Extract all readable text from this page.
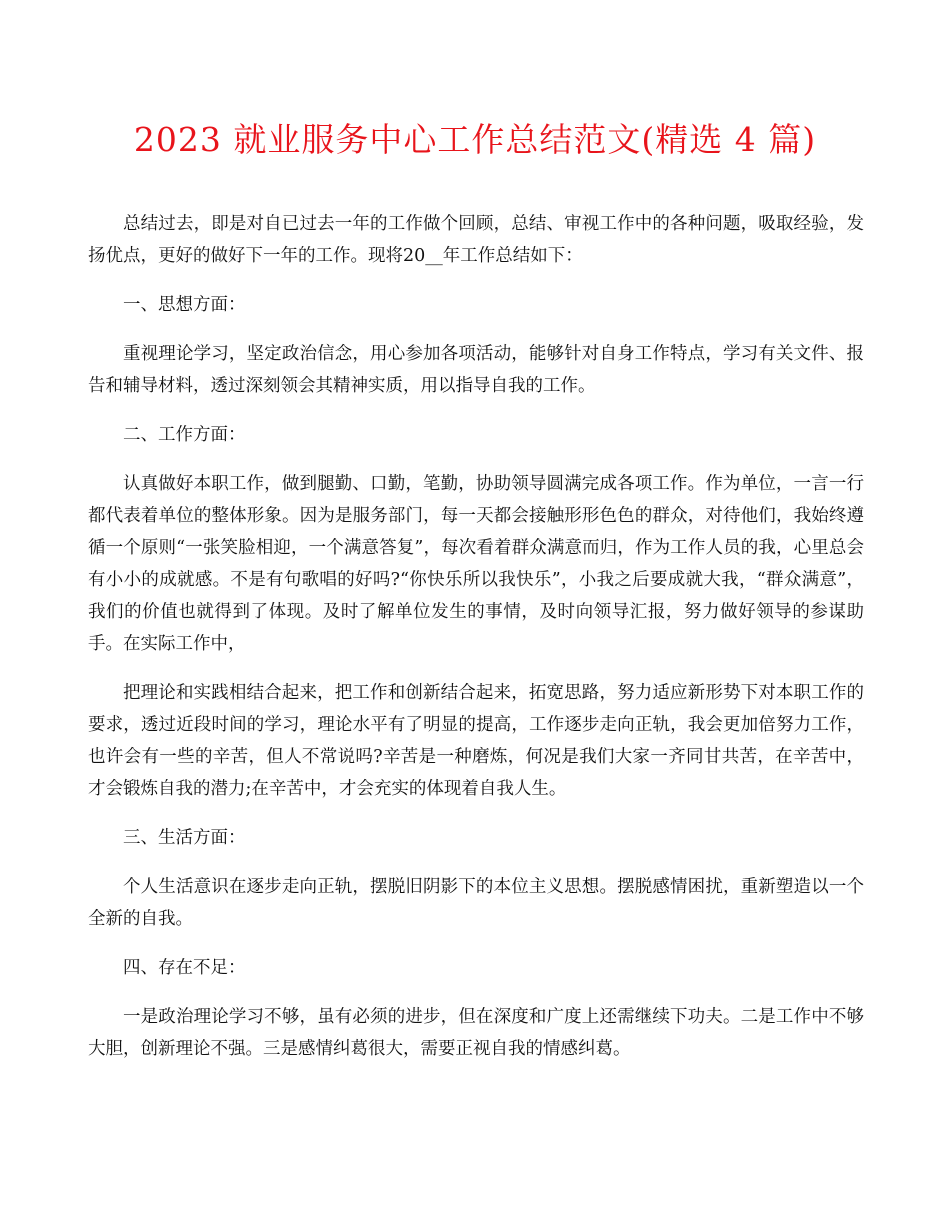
2023 就业服务中心工作总结范文(精选 4 篇)

总结过去，即是对自已过去一年的工作做个回顾，总结、审视工作中的各种问题，吸取经验，发扬优点，更好的做好下一年的工作。现将20__年工作总结如下：

一、思想方面：

重视理论学习，坚定政治信念，用心参加各项活动，能够针对自身工作特点，学习有关文件、报告和辅导材料，透过深刻领会其精神实质，用以指导自我的工作。

二、工作方面：

认真做好本职工作，做到腿勤、口勤，笔勤，协助领导圆满完成各项工作。作为单位，一言一行都代表着单位的整体形象。因为是服务部门，每一天都会接触形形色色的群众，对待他们，我始终遵循一个原则“一张笑脸相迎，一个满意答复”，每次看着群众满意而归，作为工作人员的我，心里总会有小小的成就感。不是有句歌唱的好吗?“你快乐所以我快乐”，小我之后要成就大我，“群众满意”，我们的价值也就得到了体现。及时了解单位发生的事情，及时向领导汇报，努力做好领导的参谋助手。在实际工作中，

把理论和实践相结合起来，把工作和创新结合起来，拓宽思路，努力适应新形势下对本职工作的要求，透过近段时间的学习，理论水平有了明显的提高，工作逐步走向正轨，我会更加倍努力工作，也许会有一些的辛苦，但人不常说吗?辛苦是一种磨炼，何况是我们大家一齐同甘共苦，在辛苦中，才会锻炼自我的潜力;在辛苦中，才会充实的体现着自我人生。

三、生活方面：

个人生活意识在逐步走向正轨，摆脱旧阴影下的本位主义思想。摆脱感情困扰，重新塑造以一个全新的自我。

四、存在不足：

一是政治理论学习不够，虽有必须的进步，但在深度和广度上还需继续下功夫。二是工作中不够大胆，创新理论不强。三是感情纠葛很大，需要正视自我的情感纠葛。
